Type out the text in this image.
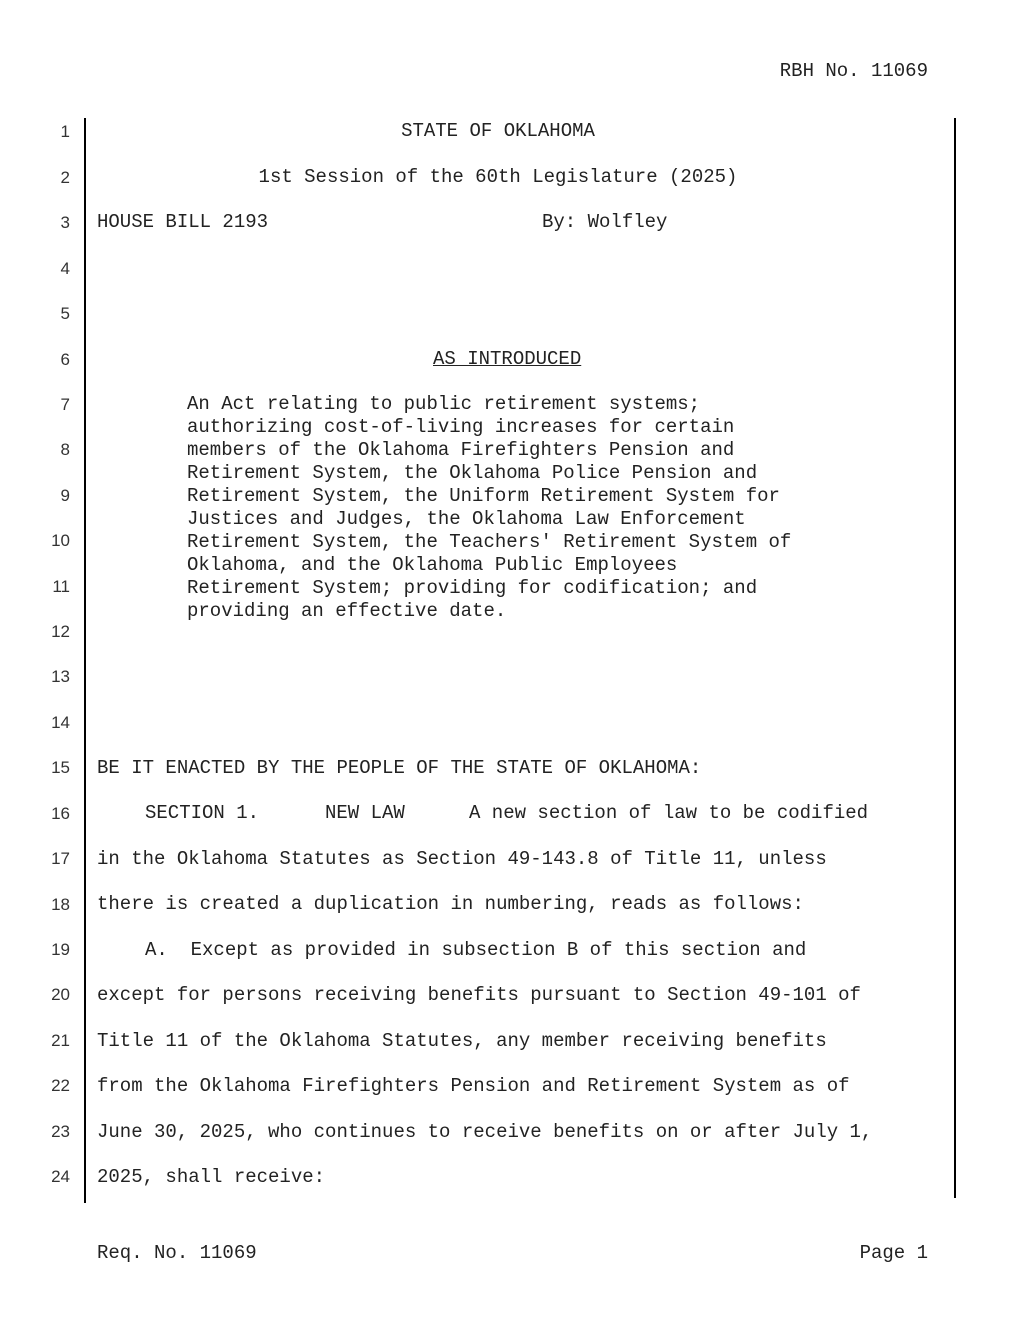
RBH No. 11069
1
2
3
4
5
6
7
8
9
10
11
12
13
14
15
16
17
18
19
20
21
22
23
24
STATE OF OKLAHOMA
1st Session of the 60th Legislature (2025)
HOUSE BILL 2193	By: Wolfley
AS INTRODUCED
An Act relating to public retirement systems;
authorizing cost-of-living increases for certain
members of the Oklahoma Firefighters Pension and
Retirement System, the Oklahoma Police Pension and
Retirement System, the Uniform Retirement System for
Justices and Judges, the Oklahoma Law Enforcement
Retirement System, the Teachers' Retirement System of
Oklahoma, and the Oklahoma Public Employees
Retirement System; providing for codification; and
providing an effective date.
BE IT ENACTED BY THE PEOPLE OF THE STATE OF OKLAHOMA:
SECTION 1.	NEW LAW	A new section of law to be codified
in the Oklahoma Statutes as Section 49-143.8 of Title 11, unless
there is created a duplication in numbering, reads as follows:
A.  Except as provided in subsection B of this section and
except for persons receiving benefits pursuant to Section 49-101 of
Title 11 of the Oklahoma Statutes, any member receiving benefits
from the Oklahoma Firefighters Pension and Retirement System as of
June 30, 2025, who continues to receive benefits on or after July 1,
2025, shall receive:
Req. No. 11069	Page 1
